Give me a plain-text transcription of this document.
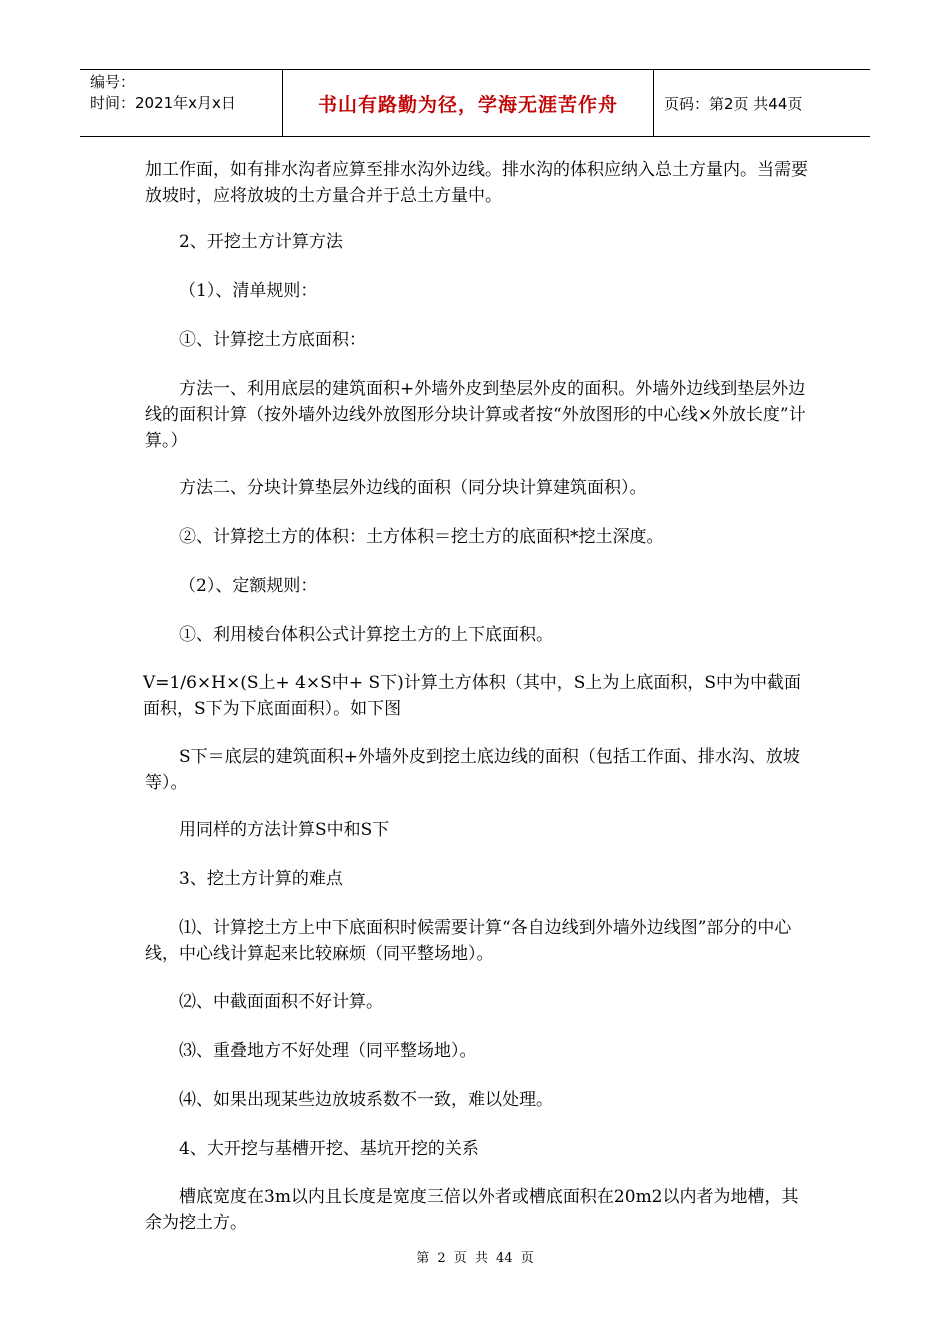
编号：
时间：2021年x月x日	书山有路勤为径，学海无涯苦作舟	页码：第2页 共44页

加工作面，如有排水沟者应算至排水沟外边线。排水沟的体积应纳入总土方量内。当需要放坡时，应将放坡的土方量合并于总土方量中。

2、开挖土方计算方法

（1）、清单规则：

①、计算挖土方底面积：

方法一、利用底层的建筑面积+外墙外皮到垫层外皮的面积。外墙外边线到垫层外边线的面积计算（按外墙外边线外放图形分块计算或者按“外放图形的中心线×外放长度”计算。）

方法二、分块计算垫层外边线的面积（同分块计算建筑面积）。

②、计算挖土方的体积：土方体积＝挖土方的底面积*挖土深度。

（2）、定额规则：

①、利用棱台体积公式计算挖土方的上下底面积。

V=1/6×H×(S上+ 4×S中+ S下)计算土方体积（其中，S上为上底面积，S中为中截面面积，S下为下底面面积）。如下图

S下＝底层的建筑面积+外墙外皮到挖土底边线的面积（包括工作面、排水沟、放坡等）。

用同样的方法计算S中和S下

3、挖土方计算的难点

⑴、计算挖土方上中下底面积时候需要计算“各自边线到外墙外边线图”部分的中心线，中心线计算起来比较麻烦（同平整场地）。

⑵、中截面面积不好计算。

⑶、重叠地方不好处理（同平整场地）。

⑷、如果出现某些边放坡系数不一致，难以处理。

4、大开挖与基槽开挖、基坑开挖的关系

槽底宽度在3m以内且长度是宽度三倍以外者或槽底面积在20m2以内者为地槽，其余为挖土方。

第 2 页 共 44 页
